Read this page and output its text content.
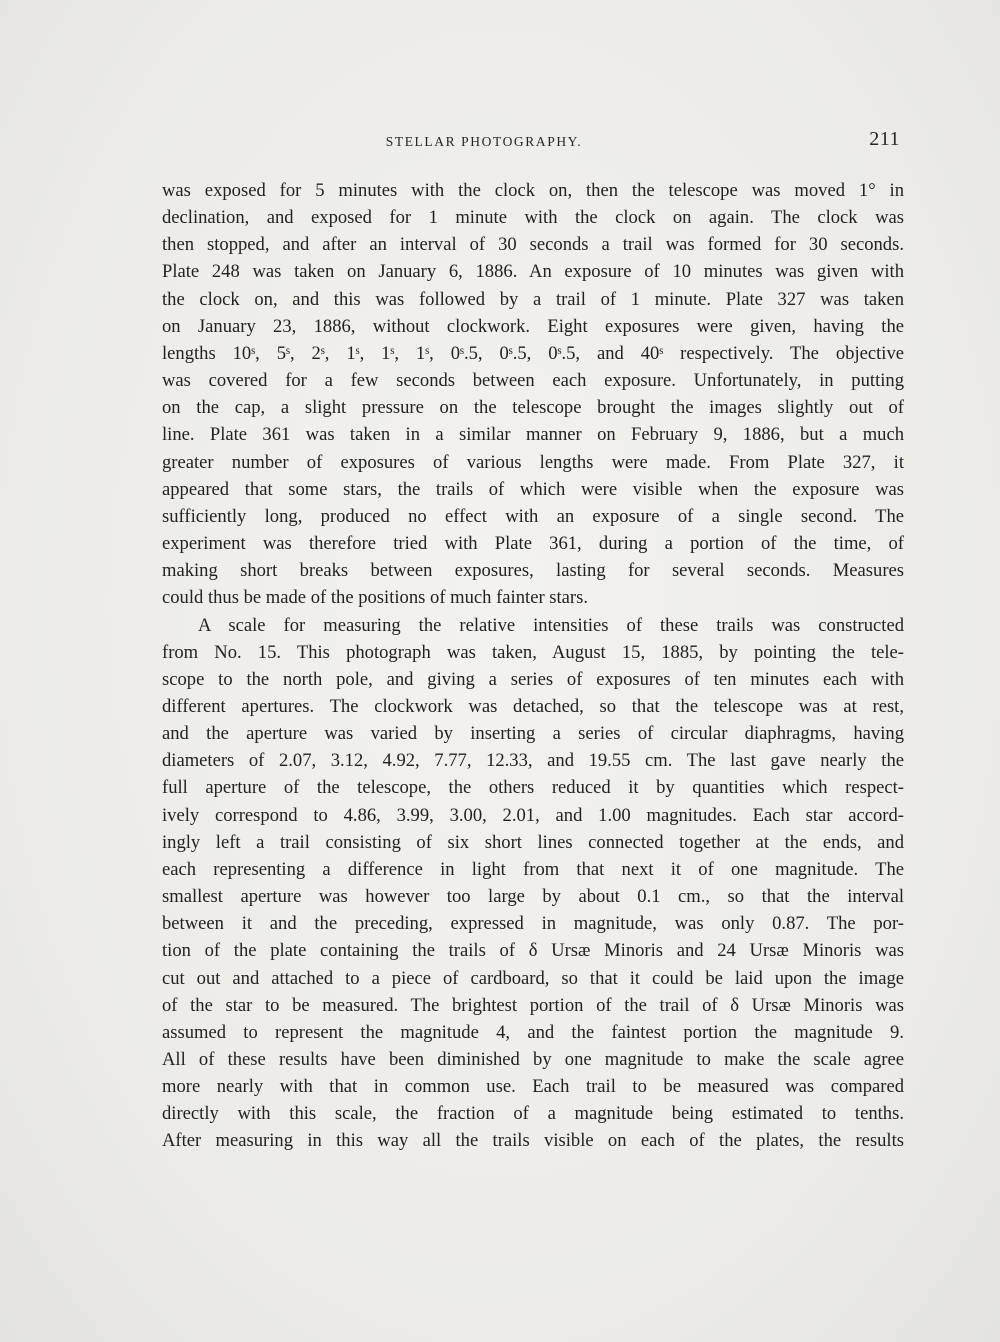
STELLAR PHOTOGRAPHY.	211

was exposed for 5 minutes with the clock on, then the telescope was moved 1° in
declination, and exposed for 1 minute with the clock on again. The clock was
then stopped, and after an interval of 30 seconds a trail was formed for 30 seconds.
Plate 248 was taken on January 6, 1886. An exposure of 10 minutes was given with
the clock on, and this was followed by a trail of 1 minute. Plate 327 was taken
on January 23, 1886, without clockwork. Eight exposures were given, having the
lengths 10ˢ, 5ˢ, 2ˢ, 1ˢ, 1ˢ, 1ˢ, 0ˢ.5, 0ˢ.5, 0ˢ.5, and 40ˢ respectively. The objective
was covered for a few seconds between each exposure. Unfortunately, in putting
on the cap, a slight pressure on the telescope brought the images slightly out of
line. Plate 361 was taken in a similar manner on February 9, 1886, but a much
greater number of exposures of various lengths were made. From Plate 327, it
appeared that some stars, the trails of which were visible when the exposure was
sufficiently long, produced no effect with an exposure of a single second. The
experiment was therefore tried with Plate 361, during a portion of the time, of
making short breaks between exposures, lasting for several seconds. Measures
could thus be made of the positions of much fainter stars.

A scale for measuring the relative intensities of these trails was constructed
from No. 15. This photograph was taken, August 15, 1885, by pointing the tele-
scope to the north pole, and giving a series of exposures of ten minutes each with
different apertures. The clockwork was detached, so that the telescope was at rest,
and the aperture was varied by inserting a series of circular diaphragms, having
diameters of 2.07, 3.12, 4.92, 7.77, 12.33, and 19.55 cm. The last gave nearly the
full aperture of the telescope, the others reduced it by quantities which respect-
ively correspond to 4.86, 3.99, 3.00, 2.01, and 1.00 magnitudes. Each star accord-
ingly left a trail consisting of six short lines connected together at the ends, and
each representing a difference in light from that next it of one magnitude. The
smallest aperture was however too large by about 0.1 cm., so that the interval
between it and the preceding, expressed in magnitude, was only 0.87. The por-
tion of the plate containing the trails of δ Ursæ Minoris and 24 Ursæ Minoris was
cut out and attached to a piece of cardboard, so that it could be laid upon the image
of the star to be measured. The brightest portion of the trail of δ Ursæ Minoris was
assumed to represent the magnitude 4, and the faintest portion the magnitude 9.
All of these results have been diminished by one magnitude to make the scale agree
more nearly with that in common use. Each trail to be measured was compared
directly with this scale, the fraction of a magnitude being estimated to tenths.
After measuring in this way all the trails visible on each of the plates, the results
